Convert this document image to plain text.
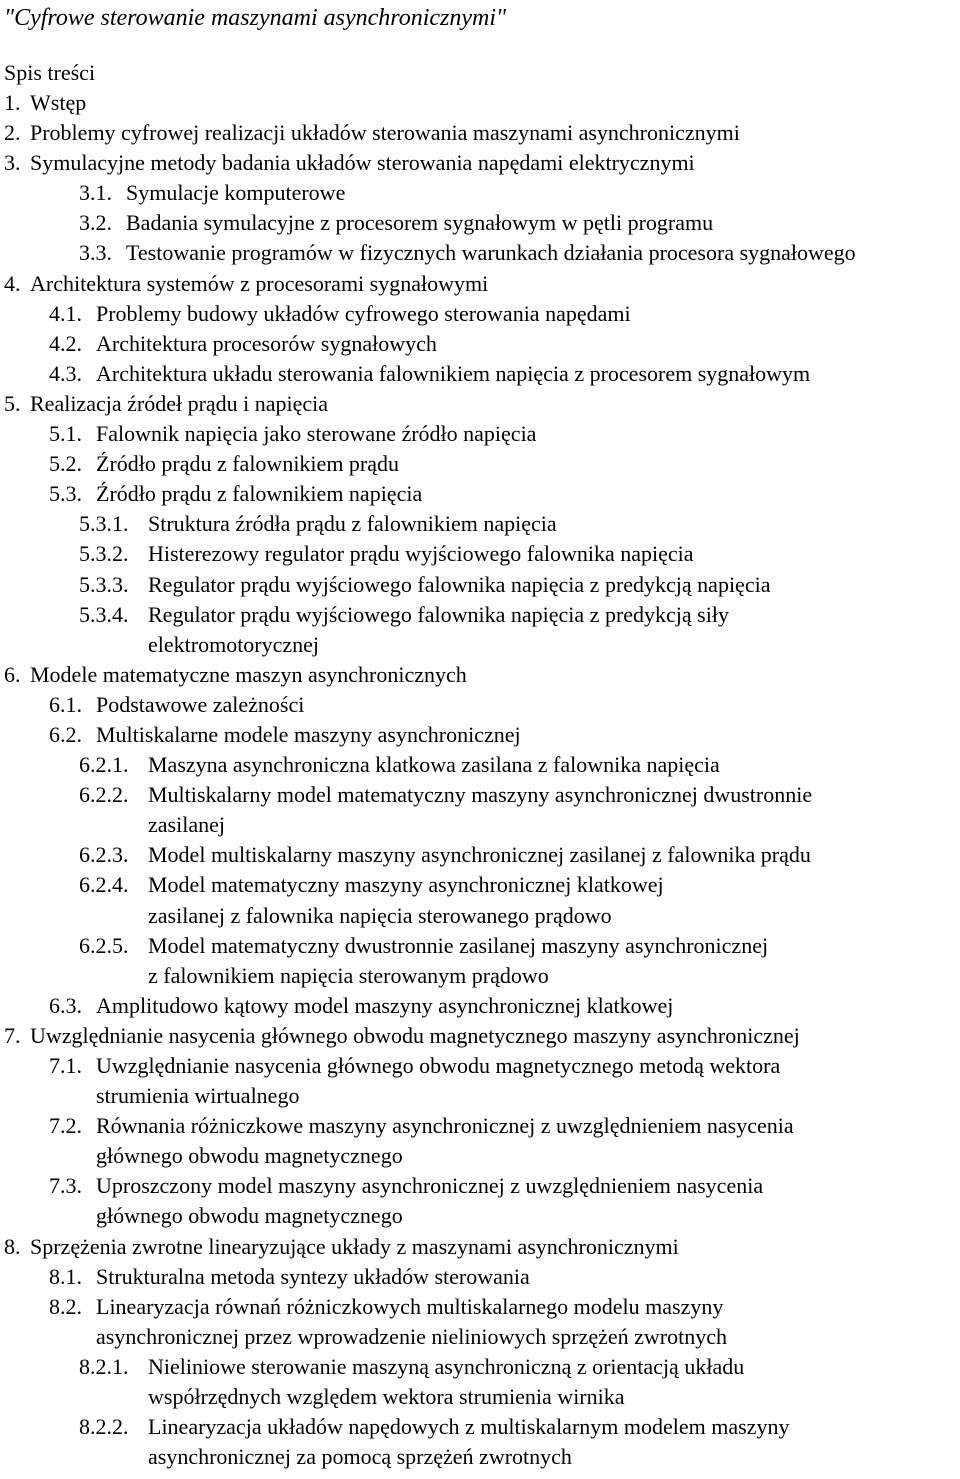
"Cyfrowe sterowanie maszynami asynchronicznymi"
Spis treści
1. Wstęp
2. Problemy cyfrowej realizacji układów sterowania maszynami asynchronicznymi
3. Symulacyjne metody badania układów sterowania napędami elektrycznymi
3.1. Symulacje komputerowe
3.2. Badania symulacyjne z procesorem sygnałowym w pętli programu
3.3. Testowanie programów w fizycznych warunkach działania procesora sygnałowego
4. Architektura systemów z procesorami sygnałowymi
4.1. Problemy budowy układów cyfrowego sterowania napędami
4.2. Architektura procesorów sygnałowych
4.3. Architektura układu sterowania falownikiem napięcia z procesorem sygnałowym
5. Realizacja źródeł prądu i napięcia
5.1. Falownik napięcia jako sterowane źródło napięcia
5.2. Źródło prądu z falownikiem prądu
5.3. Źródło prądu z falownikiem napięcia
5.3.1. Struktura źródła prądu z falownikiem napięcia
5.3.2. Histerezowy regulator prądu wyjściowego falownika napięcia
5.3.3. Regulator prądu wyjściowego falownika napięcia z predykcją napięcia
5.3.4. Regulator prądu wyjściowego falownika napięcia z predykcją siły
elektromotorycznej
6. Modele matematyczne maszyn asynchronicznych
6.1. Podstawowe zależności
6.2. Multiskalarne modele maszyny asynchronicznej
6.2.1. Maszyna asynchroniczna klatkowa zasilana z falownika napięcia
6.2.2. Multiskalarny model matematyczny maszyny asynchronicznej dwustronnie
zasilanej
6.2.3. Model multiskalarny maszyny asynchronicznej zasilanej z falownika prądu
6.2.4. Model matematyczny maszyny asynchronicznej klatkowej
zasilanej z falownika napięcia sterowanego prądowo
6.2.5. Model matematyczny dwustronnie zasilanej maszyny asynchronicznej
z falownikiem napięcia sterowanym prądowo
6.3. Amplitudowo kątowy model maszyny asynchronicznej klatkowej
7. Uwzględnianie nasycenia głównego obwodu magnetycznego maszyny asynchronicznej
7.1. Uwzględnianie nasycenia głównego obwodu magnetycznego metodą wektora
strumienia wirtualnego
7.2. Równania różniczkowe maszyny asynchronicznej z uwzględnieniem nasycenia
głównego obwodu magnetycznego
7.3. Uproszczony model maszyny asynchronicznej z uwzględnieniem nasycenia
głównego obwodu magnetycznego
8. Sprzężenia zwrotne linearyzujące układy z maszynami asynchronicznymi
8.1. Strukturalna metoda syntezy układów sterowania
8.2. Linearyzacja równań różniczkowych multiskalarnego modelu maszyny
asynchronicznej przez wprowadzenie nieliniowych sprzężeń zwrotnych
8.2.1. Nieliniowe sterowanie maszyną asynchroniczną z orientacją układu
współrzędnych względem wektora strumienia wirnika
8.2.2. Linearyzacja układów napędowych z multiskalarnym modelem maszyny
asynchronicznej za pomocą sprzężeń zwrotnych
